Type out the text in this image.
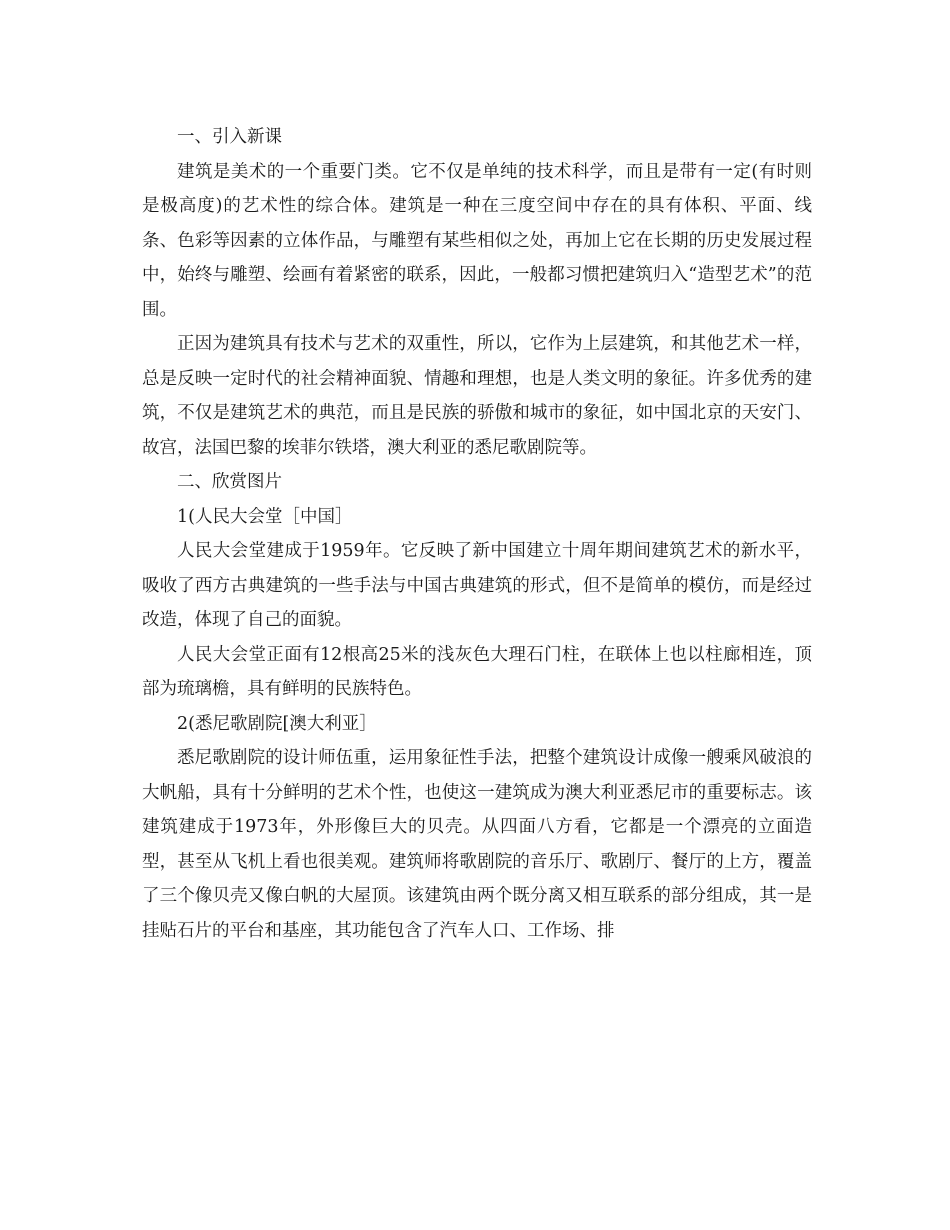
一、引入新课

建筑是美术的一个重要门类。它不仅是单纯的技术科学，而且是带有一定(有时则是极高度)的艺术性的综合体。建筑是一种在三度空间中存在的具有体积、平面、线条、色彩等因素的立体作品，与雕塑有某些相似之处，再加上它在长期的历史发展过程中，始终与雕塑、绘画有着紧密的联系，因此，一般都习惯把建筑归入“造型艺术”的范围。

正因为建筑具有技术与艺术的双重性，所以，它作为上层建筑，和其他艺术一样，总是反映一定时代的社会精神面貌、情趣和理想，也是人类文明的象征。许多优秀的建筑，不仅是建筑艺术的典范，而且是民族的骄傲和城市的象征，如中国北京的天安门、故宫，法国巴黎的埃菲尔铁塔，澳大利亚的悉尼歌剧院等。

二、欣赏图片

1(人民大会堂［中国］

人民大会堂建成于1959年。它反映了新中国建立十周年期间建筑艺术的新水平，吸收了西方古典建筑的一些手法与中国古典建筑的形式，但不是简单的模仿，而是经过改造，体现了自己的面貌。

人民大会堂正面有12根高25米的浅灰色大理石门柱，在联体上也以柱廊相连，顶部为琉璃檐，具有鲜明的民族特色。

2(悉尼歌剧院[澳大利亚］

悉尼歌剧院的设计师伍重，运用象征性手法，把整个建筑设计成像一艘乘风破浪的大帆船，具有十分鲜明的艺术个性，也使这一建筑成为澳大利亚悉尼市的重要标志。该建筑建成于1973年，外形像巨大的贝壳。从四面八方看，它都是一个漂亮的立面造型，甚至从飞机上看也很美观。建筑师将歌剧院的音乐厅、歌剧厅、餐厅的上方，覆盖了三个像贝壳又像白帆的大屋顶。该建筑由两个既分离又相互联系的部分组成，其一是挂贴石片的平台和基座，其功能包含了汽车人口、工作场、排
